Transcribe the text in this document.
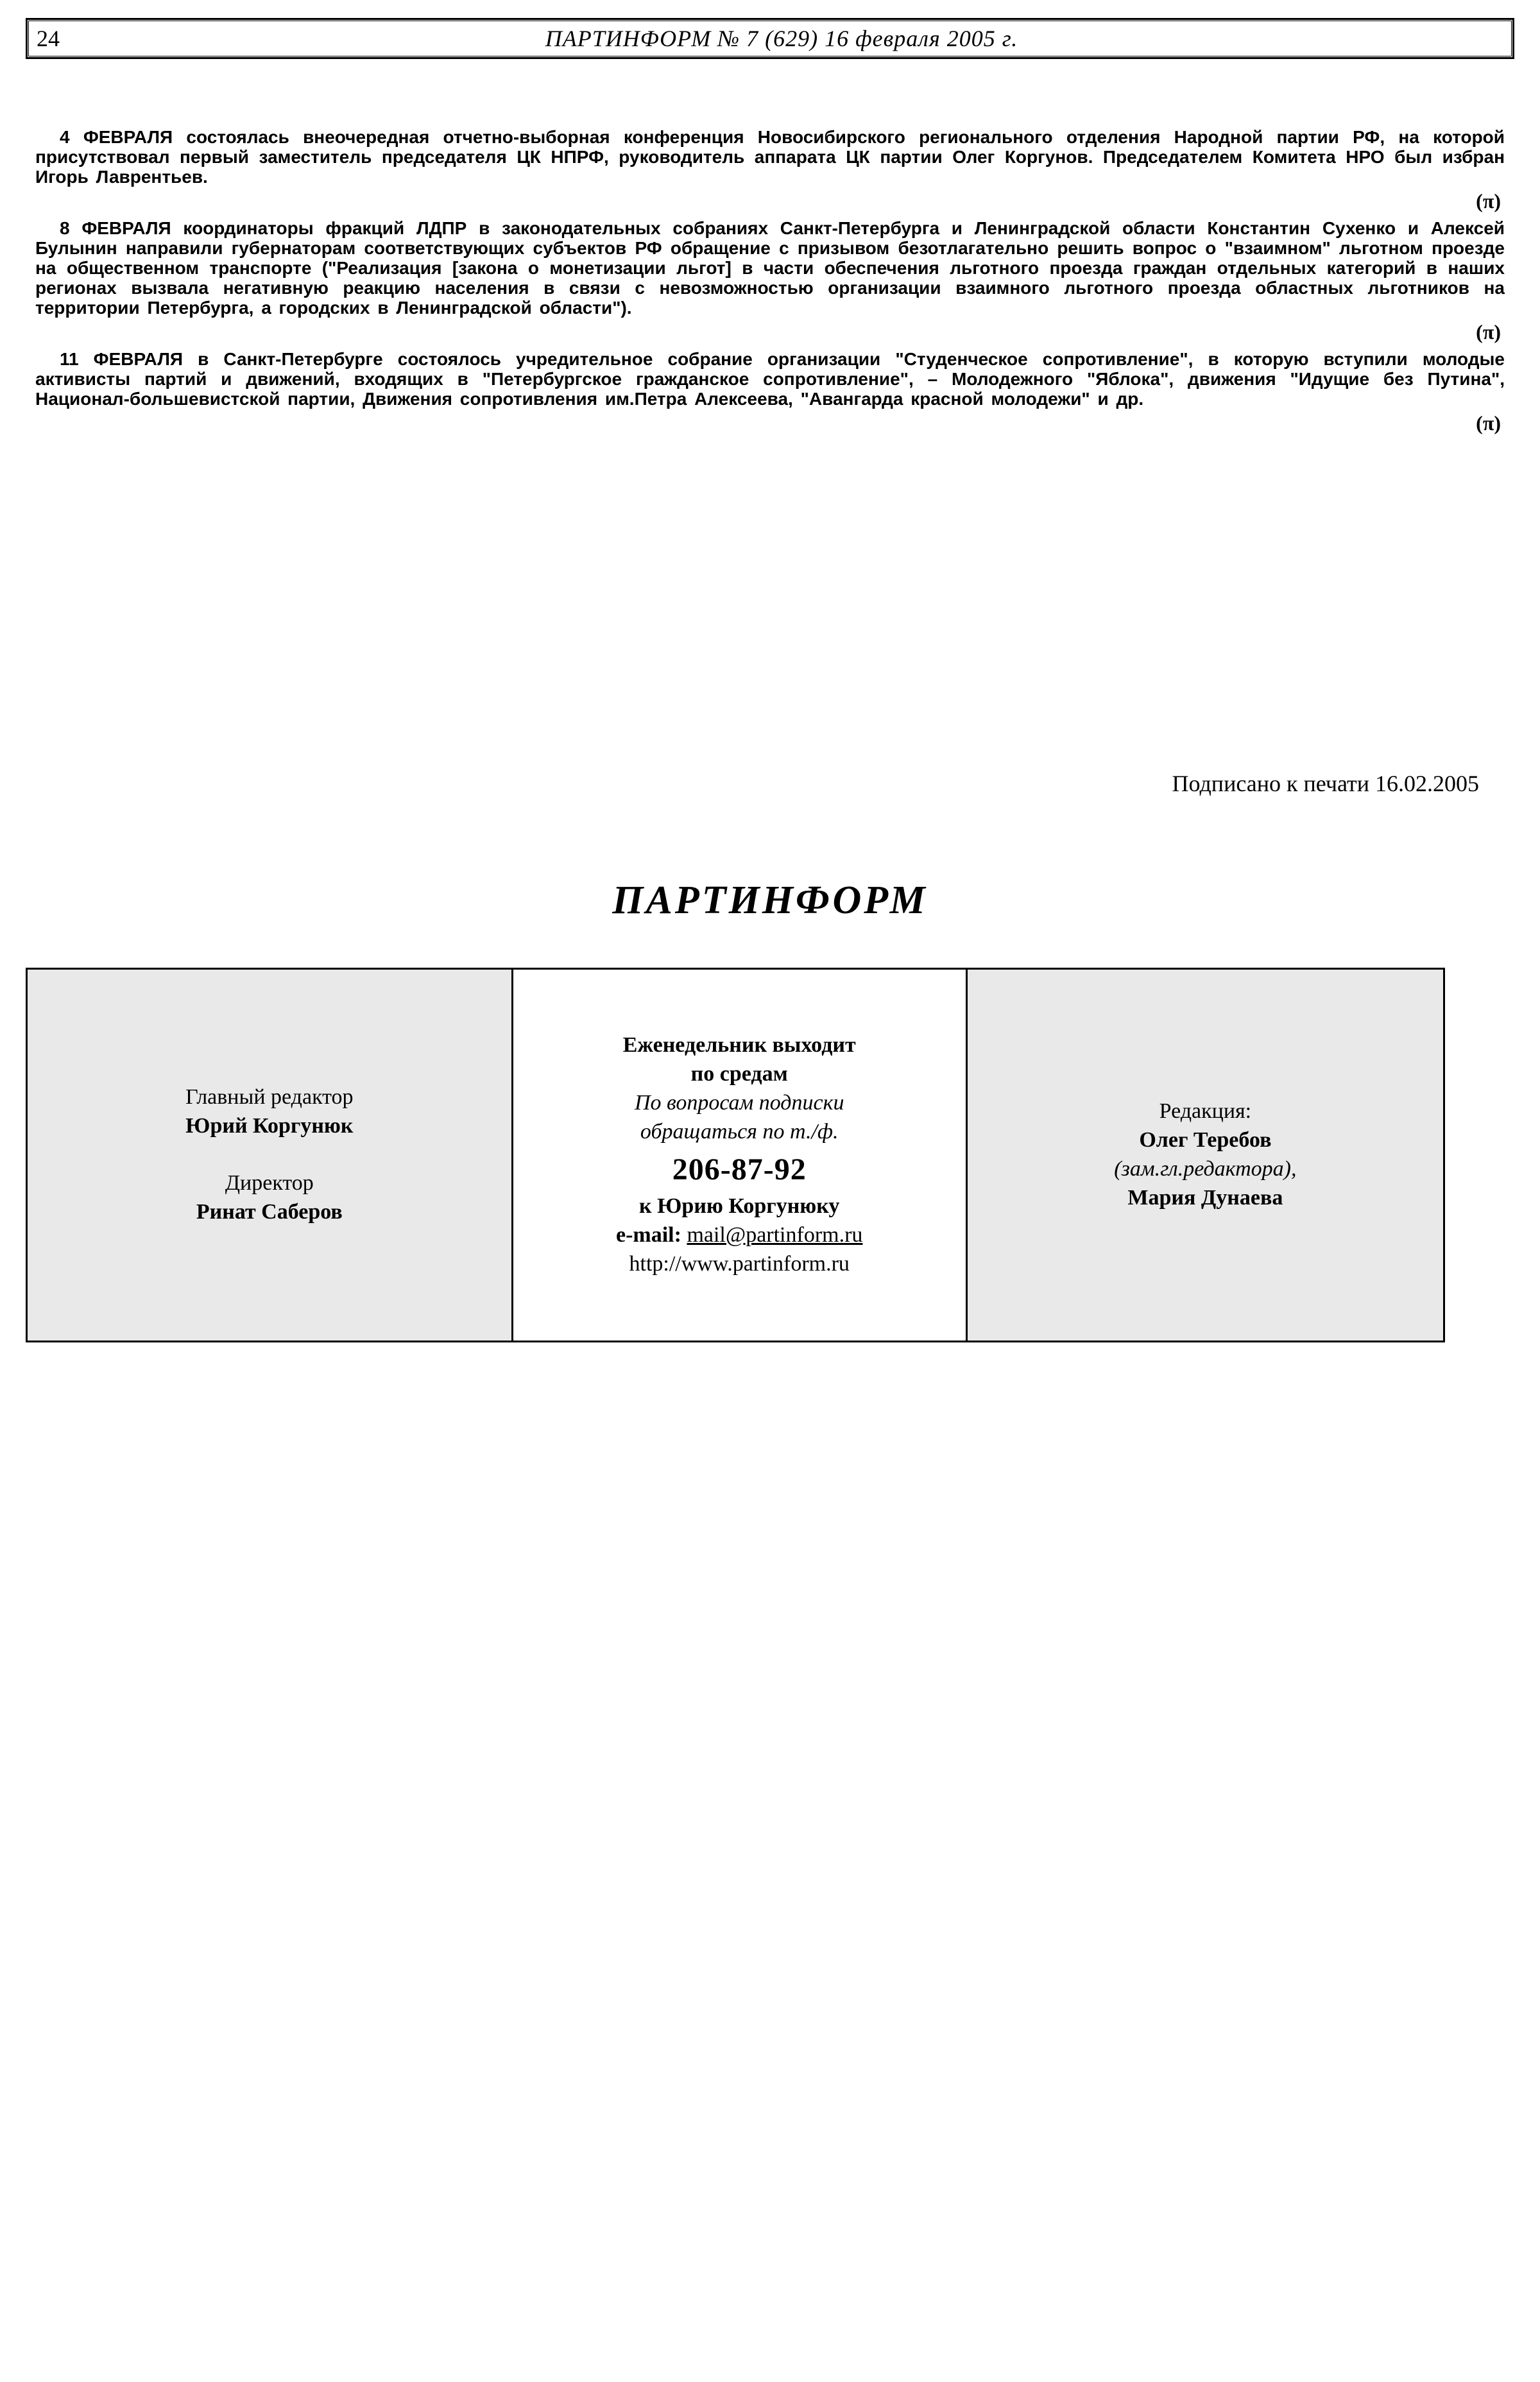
24	ПАРТИНФОРМ № 7 (629) 16 февраля 2005 г.

4 ФЕВРАЛЯ состоялась внеочередная отчетно-выборная конференция Новосибирского регионального отделения Народной партии РФ, на которой присутствовал первый заместитель председателя ЦК НПРФ, руководитель аппарата ЦК партии Олег Коргунов. Председателем Комитета НРО был избран Игорь Лаврентьев.

(π)

8 ФЕВРАЛЯ координаторы фракций ЛДПР в законодательных собраниях Санкт-Петербурга и Ленинградской области Константин Сухенко и Алексей Булынин направили губернаторам соответствующих субъектов РФ обращение с призывом безотлагательно решить вопрос о "взаимном" льготном проезде на общественном транспорте ("Реализация [закона о монетизации льгот] в части обеспечения льготного проезда граждан отдельных категорий в наших регионах вызвала негативную реакцию населения в связи с невозможностью организации взаимного льготного проезда областных льготников на территории Петербурга, а городских в Ленинградской области").

(π)

11 ФЕВРАЛЯ в Санкт-Петербурге состоялось учредительное собрание организации "Студенческое сопротивление", в которую вступили молодые активисты партий и движений, входящих в "Петербургское гражданское сопротивление", – Молодежного "Яблока", движения "Идущие без Путина", Национал-большевистской партии, Движения сопротивления им.Петра Алексеева, "Авангарда красной молодежи" и др.

(π)

Подписано к печати 16.02.2005

ПАРТИНФОРМ

Главный редактор

Юрий Коргунюк

Директор

Ринат Саберов

Еженедельник выходит

по средам

По вопросам подписки

обращаться по т./ф.

206-87-92

к Юрию Коргунюку

e-mail: mail@partinform.ru

http://www.partinform.ru

Редакция:

Олег Теребов

(зам.гл.редактора),

Мария Дунаева
